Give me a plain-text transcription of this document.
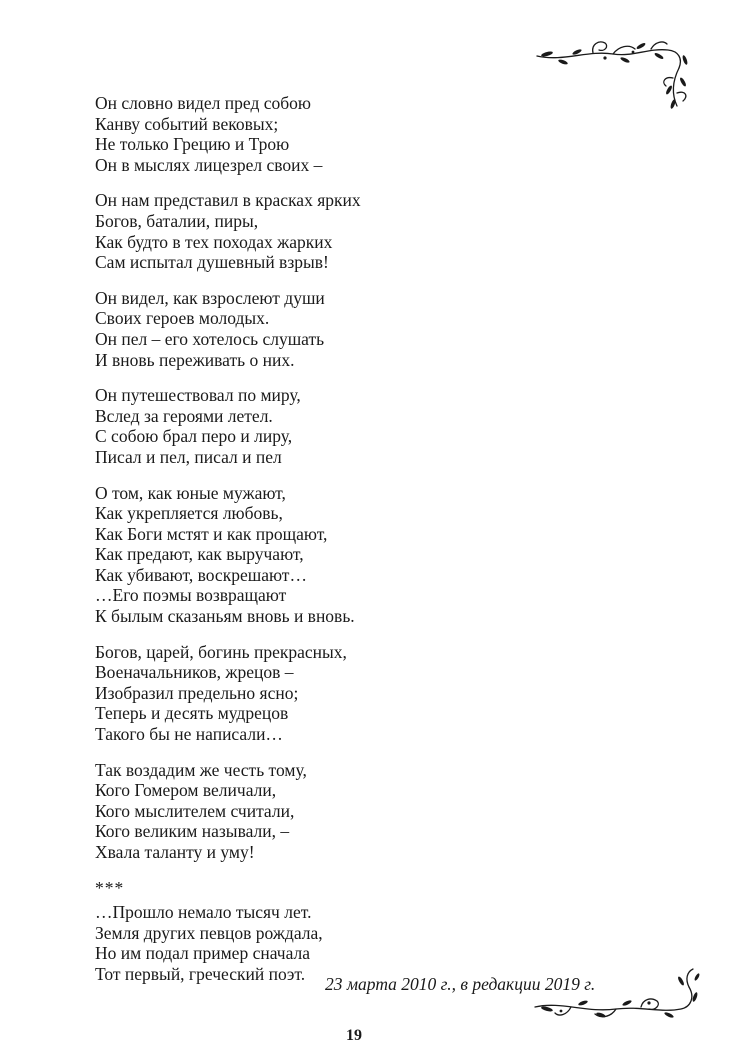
Он словно видел пред собою
Канву событий вековых;
Не только Грецию и Трою
Он в мыслях лицезрел своих –
Он нам представил в красках ярких
Богов, баталии, пиры,
Как будто в тех походах жарких
Сам испытал душевный взрыв!
Он видел, как взрослеют души
Своих героев молодых.
Он пел – его хотелось слушать
И вновь переживать о них.
Он путешествовал по миру,
Вслед за героями летел.
С собою брал перо и лиру,
Писал и пел, писал и пел
О том, как юные мужают,
Как укрепляется любовь,
Как Боги мстят и как прощают,
Как предают, как выручают,
Как убивают, воскрешают…
…Его поэмы возвращают
К былым сказаньям вновь и вновь.
Богов, царей, богинь прекрасных,
Военачальников, жрецов –
Изобразил предельно ясно;
Теперь и десять мудрецов
Такого бы не написали…
Так воздадим же честь тому,
Кого Гомером величали,
Кого мыслителем считали,
Кого великим называли, –
Хвала таланту и уму!
***
…Прошло немало тысяч лет.
Земля других певцов рождала,
Но им подал пример сначала
Тот первый, греческий поэт.
23 марта 2010 г., в редакции 2019 г.
19
